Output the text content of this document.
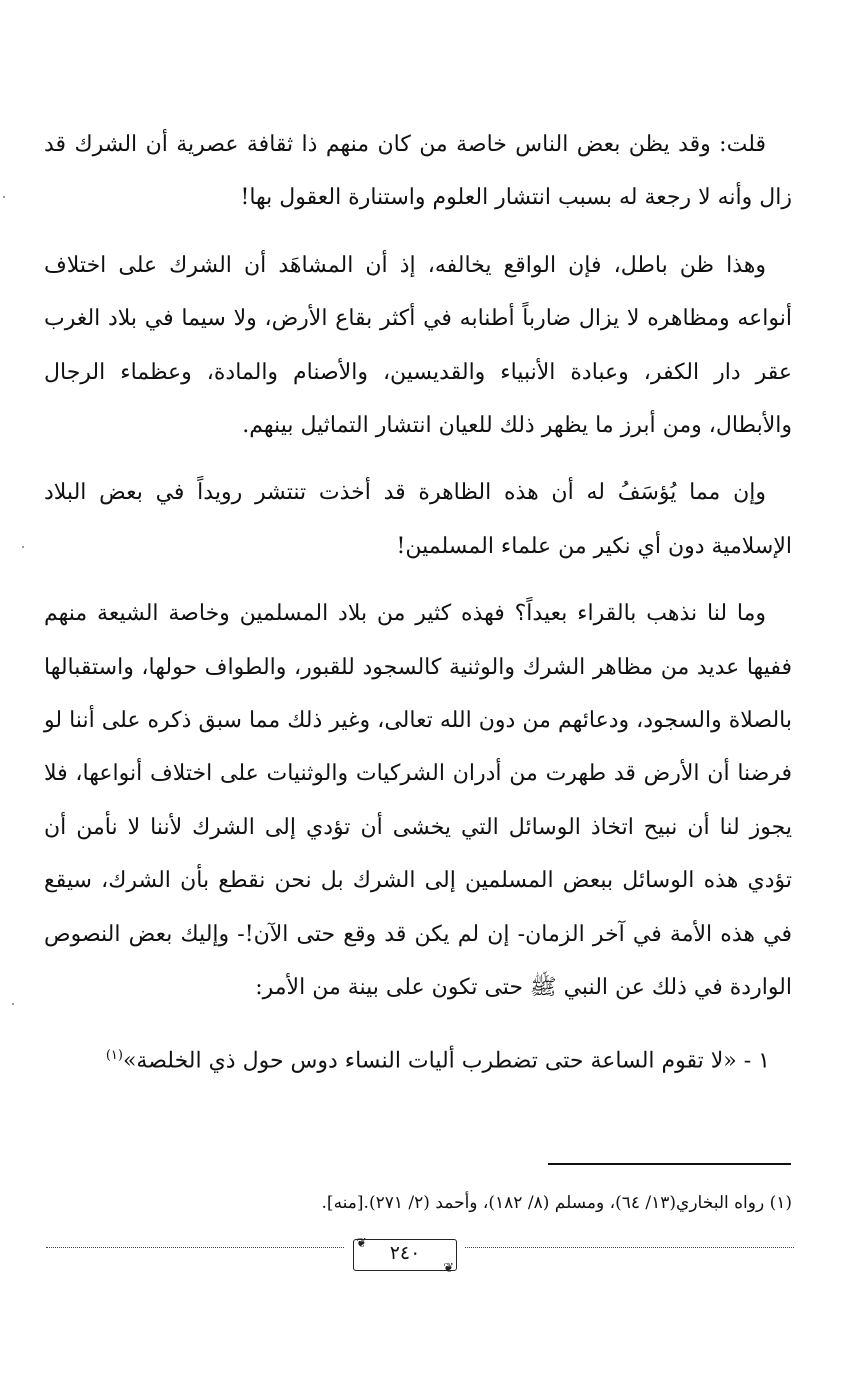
قلت: وقد يظن بعض الناس خاصة من كان منهم ذا ثقافة عصرية أن الشرك قد زال وأنه لا رجعة له بسبب انتشار العلوم واستنارة العقول بها!

وهذا ظن باطل، فإن الواقع يخالفه، إذ أن المشاهَد أن الشرك على اختلاف أنواعه ومظاهره لا يزال ضارباً أطنابه في أكثر بقاع الأرض، ولا سيما في بلاد الغرب عقر دار الكفر، وعبادة الأنبياء والقديسين، والأصنام والمادة، وعظماء الرجال والأبطال، ومن أبرز ما يظهر ذلك للعيان انتشار التماثيل بينهم.

وإن مما يُؤسَفُ له أن هذه الظاهرة قد أخذت تنتشر رويداً في بعض البلاد الإسلامية دون أي نكير من علماء المسلمين!

وما لنا نذهب بالقراء بعيداً؟ فهذه كثير من بلاد المسلمين وخاصة الشيعة منهم ففيها عديد من مظاهر الشرك والوثنية كالسجود للقبور، والطواف حولها، واستقبالها بالصلاة والسجود، ودعائهم من دون الله تعالى، وغير ذلك مما سبق ذكره على أننا لو فرضنا أن الأرض قد طهرت من أدران الشركيات والوثنيات على اختلاف أنواعها، فلا يجوز لنا أن نبيح اتخاذ الوسائل التي يخشى أن تؤدي إلى الشرك لأننا لا نأمن أن تؤدي هذه الوسائل ببعض المسلمين إلى الشرك بل نحن نقطع بأن الشرك، سيقع في هذه الأمة في آخر الزمان- إن لم يكن قد وقع حتى الآن!- وإليك بعض النصوص الواردة في ذلك عن النبي ﷺ حتى تكون على بينة من الأمر:

١ - «لا تقوم الساعة حتى تضطرب أليات النساء دوس حول ذي الخلصة»$^{(١)}$

(١) رواه البخاري(١٣/ ٦٤)، ومسلم (٨/ ١٨٢)، وأحمد (٢/ ٢٧١).[منه].
❦
❦
٢٤٠
